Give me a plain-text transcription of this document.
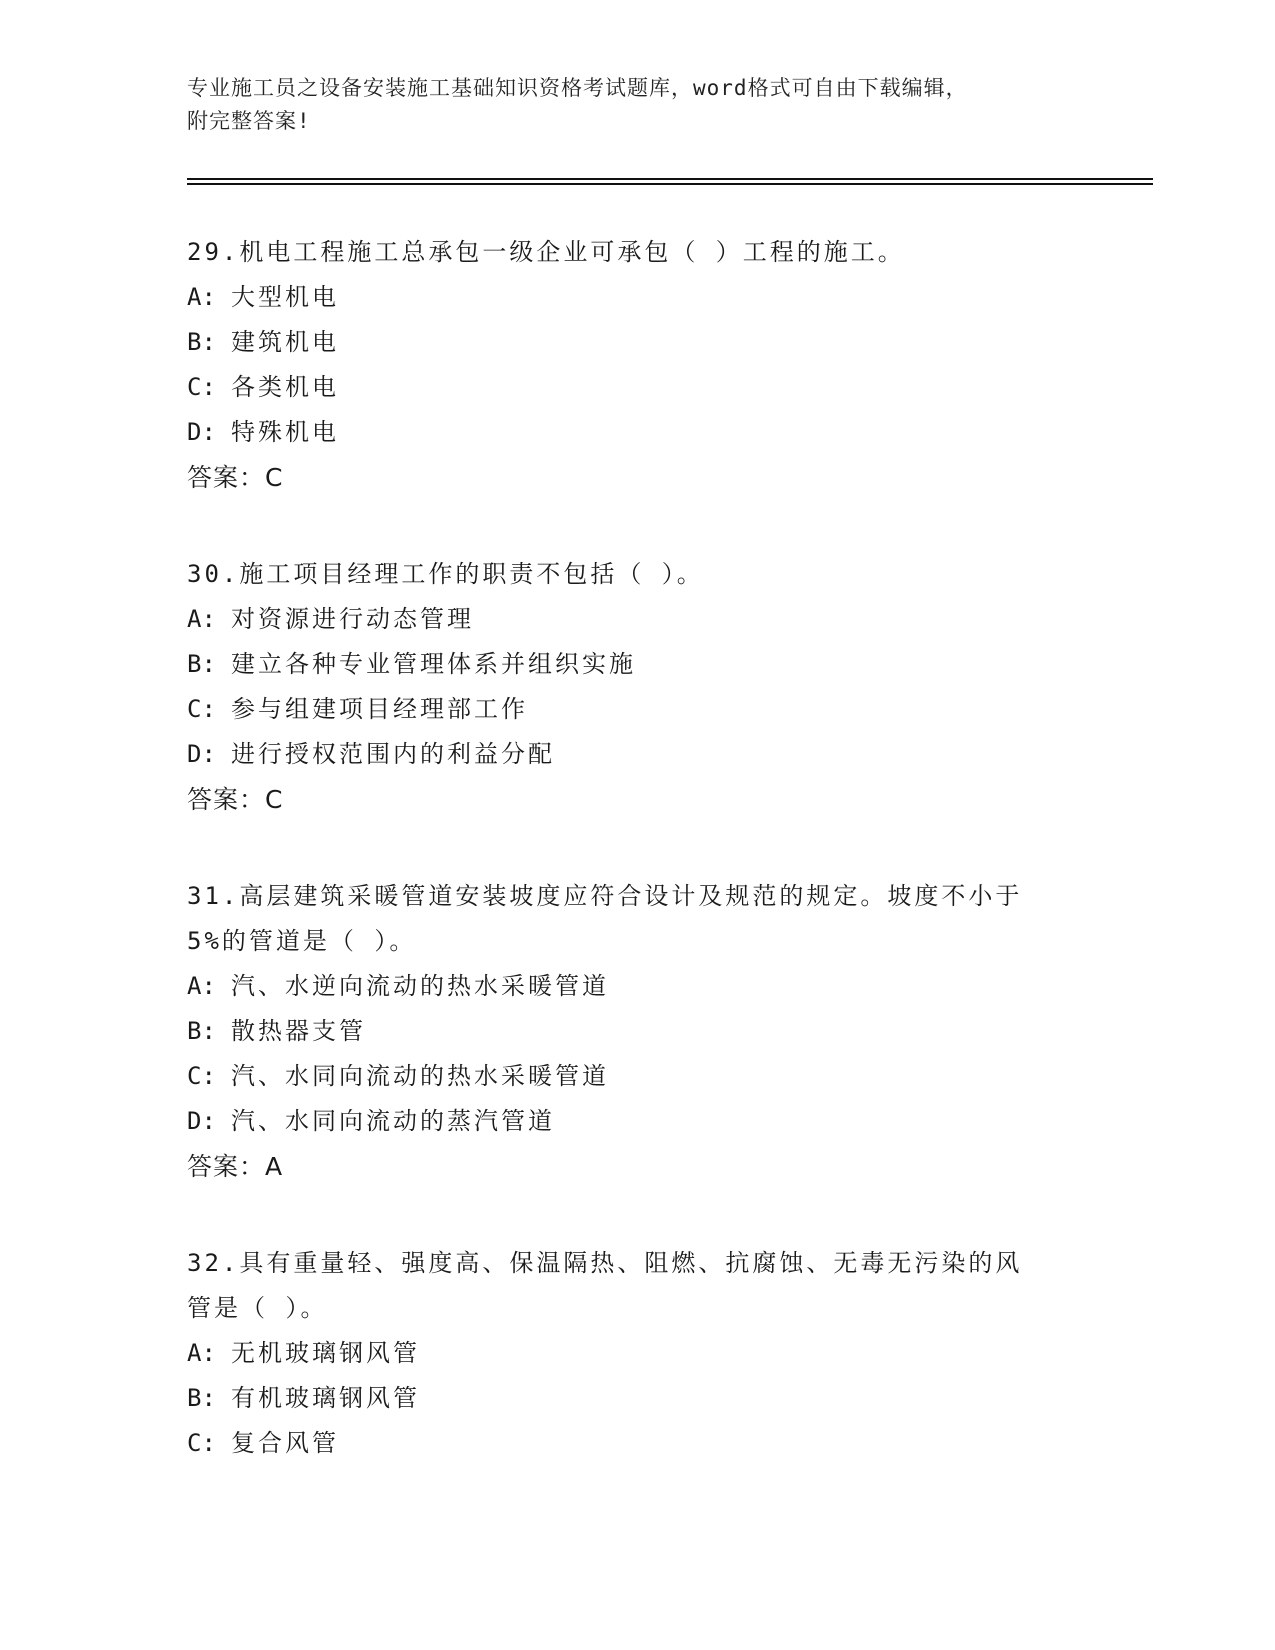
专业施工员之设备安装施工基础知识资格考试题库，word格式可自由下载编辑，
附完整答案!
29.机电工程施工总承包一级企业可承包（ ）工程的施工。
A: 大型机电
B: 建筑机电
C: 各类机电
D: 特殊机电
答案：C
30.施工项目经理工作的职责不包括（ ）。
A: 对资源进行动态管理
B: 建立各种专业管理体系并组织实施
C: 参与组建项目经理部工作
D: 进行授权范围内的利益分配
答案：C
31.高层建筑采暖管道安装坡度应符合设计及规范的规定。坡度不小于
5%的管道是（ ）。
A: 汽、水逆向流动的热水采暖管道
B: 散热器支管
C: 汽、水同向流动的热水采暖管道
D: 汽、水同向流动的蒸汽管道
答案：A
32.具有重量轻、强度高、保温隔热、阻燃、抗腐蚀、无毒无污染的风
管是（ ）。
A: 无机玻璃钢风管
B: 有机玻璃钢风管
C: 复合风管
